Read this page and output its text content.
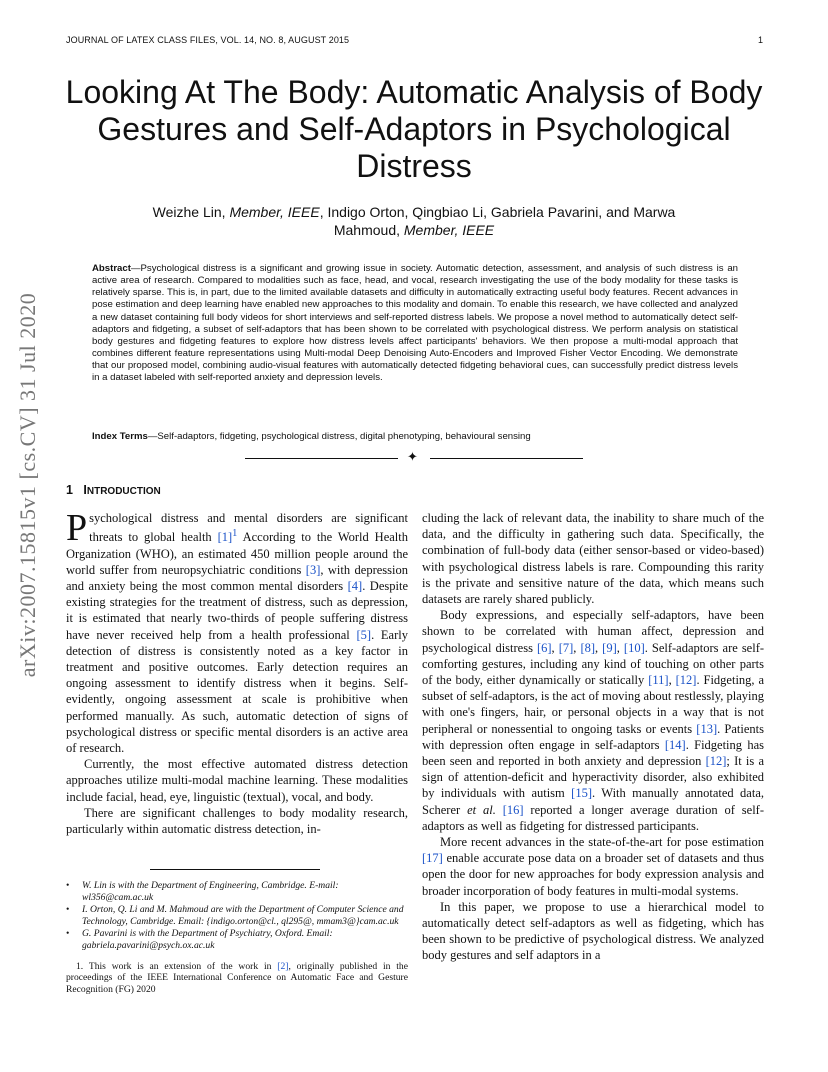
JOURNAL OF LATEX CLASS FILES, VOL. 14, NO. 8, AUGUST 2015	1
arXiv:2007.15815v1 [cs.CV] 31 Jul 2020
Looking At The Body: Automatic Analysis of Body Gestures and Self-Adaptors in Psychological Distress
Weizhe Lin, Member, IEEE, Indigo Orton, Qingbiao Li, Gabriela Pavarini, and Marwa
Mahmoud, Member, IEEE
Abstract—Psychological distress is a significant and growing issue in society. Automatic detection, assessment, and analysis of such distress is an active area of research. Compared to modalities such as face, head, and vocal, research investigating the use of the body modality for these tasks is relatively sparse. This is, in part, due to the limited available datasets and difficulty in automatically extracting useful body features. Recent advances in pose estimation and deep learning have enabled new approaches to this modality and domain. To enable this research, we have collected and analyzed a new dataset containing full body videos for short interviews and self-reported distress labels. We propose a novel method to automatically detect self-adaptors and fidgeting, a subset of self-adaptors that has been shown to be correlated with psychological distress. We perform analysis on statistical body gestures and fidgeting features to explore how distress levels affect participants' behaviors. We then propose a multi-modal approach that combines different feature representations using Multi-modal Deep Denoising Auto-Encoders and Improved Fisher Vector Encoding. We demonstrate that our proposed model, combining audio-visual features with automatically detected fidgeting behavioral cues, can successfully predict distress levels in a dataset labeled with self-reported anxiety and depression levels.
Index Terms—Self-adaptors, fidgeting, psychological distress, digital phenotyping, behavioural sensing
✦
1 INTRODUCTION

Psychological distress and mental disorders are significant threats to global health [1]$^1$ According to the World Health Organization (WHO), an estimated 450 million people around the world suffer from neuropsychiatric conditions [3], with depression and anxiety being the most common mental disorders [4]. Despite existing strategies for the treatment of distress, such as depression, it is estimated that nearly two-thirds of people suffering distress have never received help from a health professional [5]. Early detection of distress is consistently noted as a key factor in treatment and positive outcomes. Early detection requires an ongoing assessment to identify distress when it begins. Self-evidently, ongoing assessment at scale is prohibitive when performed manually. As such, automatic detection of signs of psychological distress or specific mental disorders is an active area of research.

Currently, the most effective automated distress detection approaches utilize multi-modal machine learning. These modalities include facial, head, eye, linguistic (textual), vocal, and body.

There are significant challenges to body modality research, particularly within automatic distress detection, in-

• W. Lin is with the Department of Engineering, Cambridge. E-mail: wl356@cam.ac.uk
• I. Orton, Q. Li and M. Mahmoud are with the Department of Computer Science and Technology, Cambridge. Email: {indigo.orton@cl., ql295@, mmam3@}cam.ac.uk
• G. Pavarini is with the Department of Psychiatry, Oxford. Email: gabriela.pavarini@psych.ox.ac.uk
1. This work is an extension of the work in [2], originally published in the proceedings of the IEEE International Conference on Automatic Face and Gesture Recognition (FG) 2020

cluding the lack of relevant data, the inability to share much of the data, and the difficulty in gathering such data. Specifically, the combination of full-body data (either sensor-based or video-based) with psychological distress labels is rare. Compounding this rarity is the private and sensitive nature of the data, which means such datasets are rarely shared publicly.

Body expressions, and especially self-adaptors, have been shown to be correlated with human affect, depression and psychological distress [6], [7], [8], [9], [10]. Self-adaptors are self-comforting gestures, including any kind of touching on other parts of the body, either dynamically or statically [11], [12]. Fidgeting, a subset of self-adaptors, is the act of moving about restlessly, playing with one's fingers, hair, or personal objects in a way that is not peripheral or nonessential to ongoing tasks or events [13]. Patients with depression often engage in self-adaptors [14]. Fidgeting has been seen and reported in both anxiety and depression [12]; It is a sign of attention-deficit and hyperactivity disorder, also exhibited by individuals with autism [15]. With manually annotated data, Scherer et al. [16] reported a longer average duration of self-adaptors as well as fidgeting for distressed participants.

More recent advances in the state-of-the-art for pose estimation [17] enable accurate pose data on a broader set of datasets and thus open the door for new approaches for body expression analysis and broader incorporation of body features in multi-modal systems.

In this paper, we propose to use a hierarchical model to automatically detect self-adaptors as well as fidgeting, which has been shown to be predictive of psychological distress. We analyzed body gestures and self adaptors in a
